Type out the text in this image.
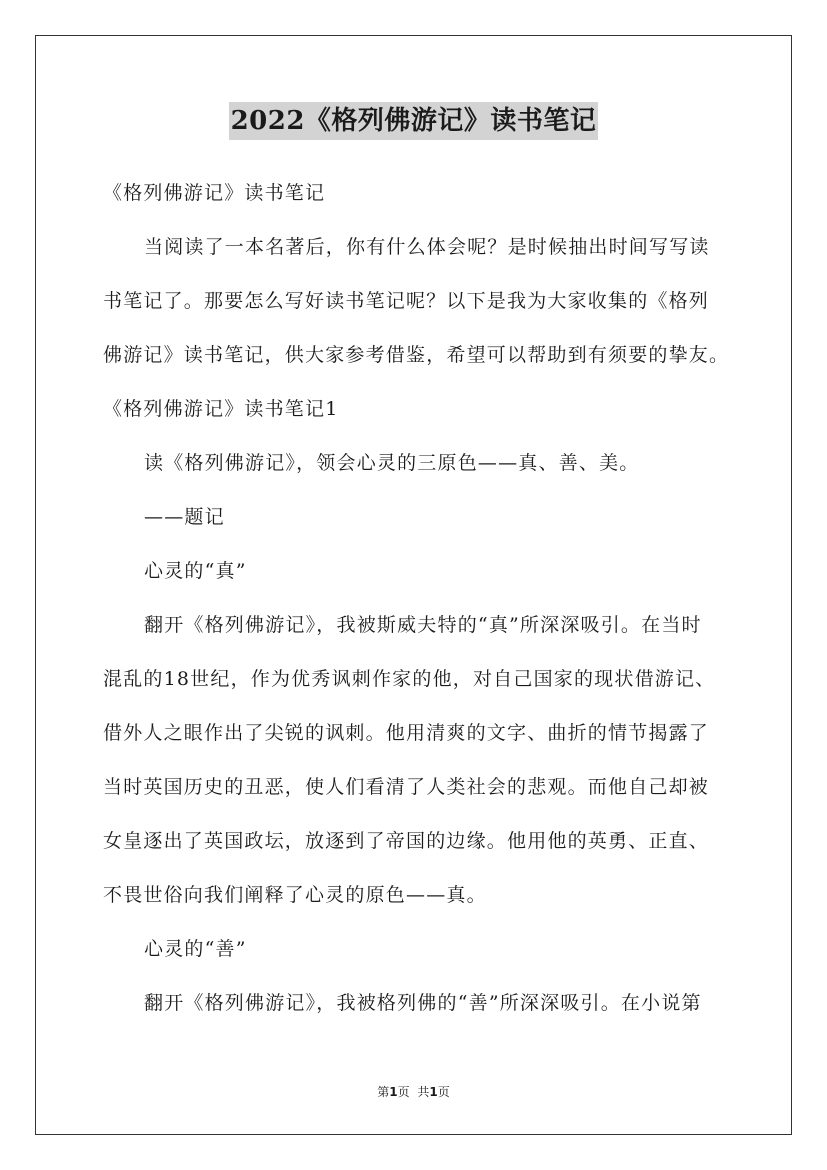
2022《格列佛游记》读书笔记
《格列佛游记》读书笔记
当阅读了一本名著后，你有什么体会呢？是时候抽出时间写写读
书笔记了。那要怎么写好读书笔记呢？以下是我为大家收集的《格列
佛游记》读书笔记，供大家参考借鉴，希望可以帮助到有须要的挚友。
《格列佛游记》读书笔记1
读《格列佛游记》，领会心灵的三原色——真、善、美。
——题记
心灵的“真”
翻开《格列佛游记》，我被斯威夫特的“真”所深深吸引。在当时
混乱的18世纪，作为优秀讽刺作家的他，对自己国家的现状借游记、
借外人之眼作出了尖锐的讽刺。他用清爽的文字、曲折的情节揭露了
当时英国历史的丑恶，使人们看清了人类社会的悲观。而他自己却被
女皇逐出了英国政坛，放逐到了帝国的边缘。他用他的英勇、正直、
不畏世俗向我们阐释了心灵的原色——真。
心灵的“善”
翻开《格列佛游记》，我被格列佛的“善”所深深吸引。在小说第
第1页 共1页
